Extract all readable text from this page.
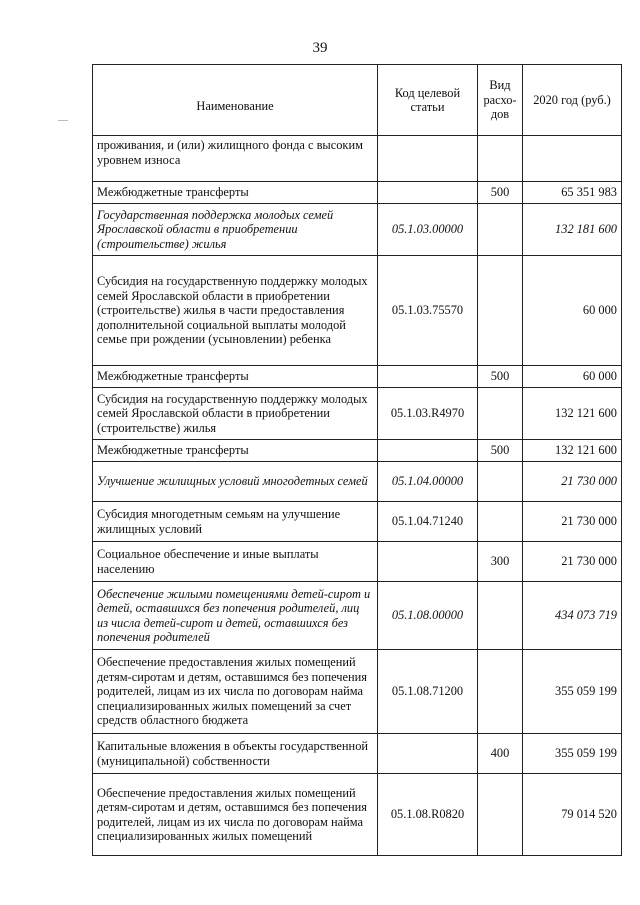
39
Наименование	Код целевой статьи	Вид расхо-дов	2020 год (руб.)
проживания, и (или) жилищного фонда с высоким уровнем износа			
Межбюджетные трансферты		500	65 351 983
Государственная поддержка молодых семей Ярославской области в приобретении (строительстве) жилья	05.1.03.00000		132 181 600
Субсидия на государственную поддержку молодых семей Ярославской области в приобретении (строительстве) жилья в части предоставления дополнительной социальной выплаты молодой семье при рождении (усыновлении) ребенка	05.1.03.75570		60 000
Межбюджетные трансферты		500	60 000
Субсидия на государственную поддержку молодых семей Ярославской области в приобретении (строительстве) жилья	05.1.03.R4970		132 121 600
Межбюджетные трансферты		500	132 121 600
Улучшение жилищных условий многодетных семей	05.1.04.00000		21 730 000
Субсидия многодетным семьям на улучшение жилищных условий	05.1.04.71240		21 730 000
Социальное обеспечение и иные выплаты населению		300	21 730 000
Обеспечение жилыми помещениями детей-сирот и детей, оставшихся без попечения родителей, лиц из числа детей-сирот и детей, оставшихся без попечения родителей	05.1.08.00000		434 073 719
Обеспечение предоставления жилых помещений детям-сиротам и детям, оставшимся без попечения родителей, лицам из их числа по договорам найма специализированных жилых помещений за счет средств областного бюджета	05.1.08.71200		355 059 199
Капитальные вложения в объекты государственной (муниципальной) собственности		400	355 059 199
Обеспечение предоставления жилых помещений детям-сиротам и детям, оставшимся без попечения родителей, лицам из их числа по договорам найма специализированных жилых помещений	05.1.08.R0820		79 014 520
